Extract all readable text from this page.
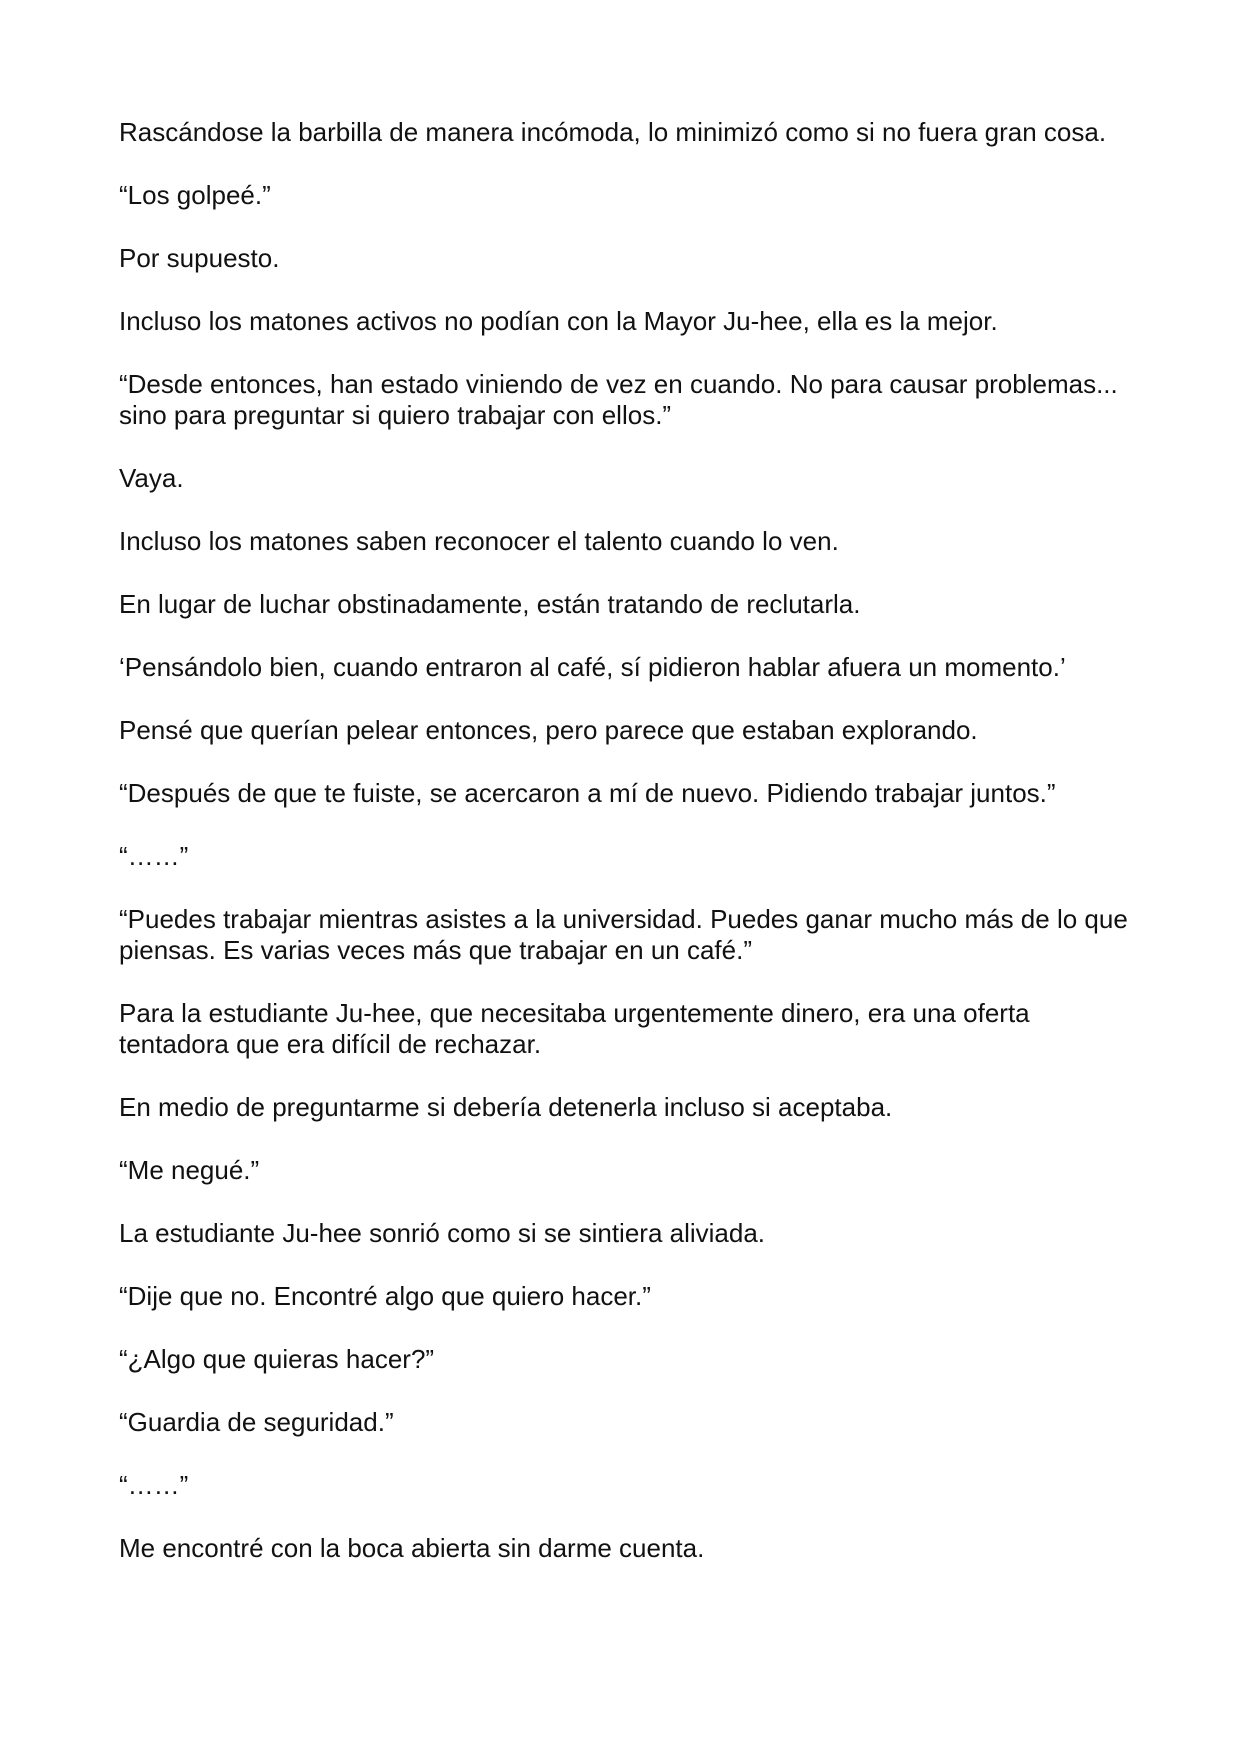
Rascándose la barbilla de manera incómoda, lo minimizó como si no fuera gran cosa.

“Los golpeé.”

Por supuesto.

Incluso los matones activos no podían con la Mayor Ju-hee, ella es la mejor.

“Desde entonces, han estado viniendo de vez en cuando. No para causar problemas... sino para preguntar si quiero trabajar con ellos.”

Vaya.

Incluso los matones saben reconocer el talento cuando lo ven.

En lugar de luchar obstinadamente, están tratando de reclutarla.

‘Pensándolo bien, cuando entraron al café, sí pidieron hablar afuera un momento.’

Pensé que querían pelear entonces, pero parece que estaban explorando.

“Después de que te fuiste, se acercaron a mí de nuevo. Pidiendo trabajar juntos.”

“……”

“Puedes trabajar mientras asistes a la universidad. Puedes ganar mucho más de lo que piensas. Es varias veces más que trabajar en un café.”

Para la estudiante Ju-hee, que necesitaba urgentemente dinero, era una oferta tentadora que era difícil de rechazar.

En medio de preguntarme si debería detenerla incluso si aceptaba.

“Me negué.”

La estudiante Ju-hee sonrió como si se sintiera aliviada.

“Dije que no. Encontré algo que quiero hacer.”

“¿Algo que quieras hacer?”

“Guardia de seguridad.”

“……”

Me encontré con la boca abierta sin darme cuenta.
